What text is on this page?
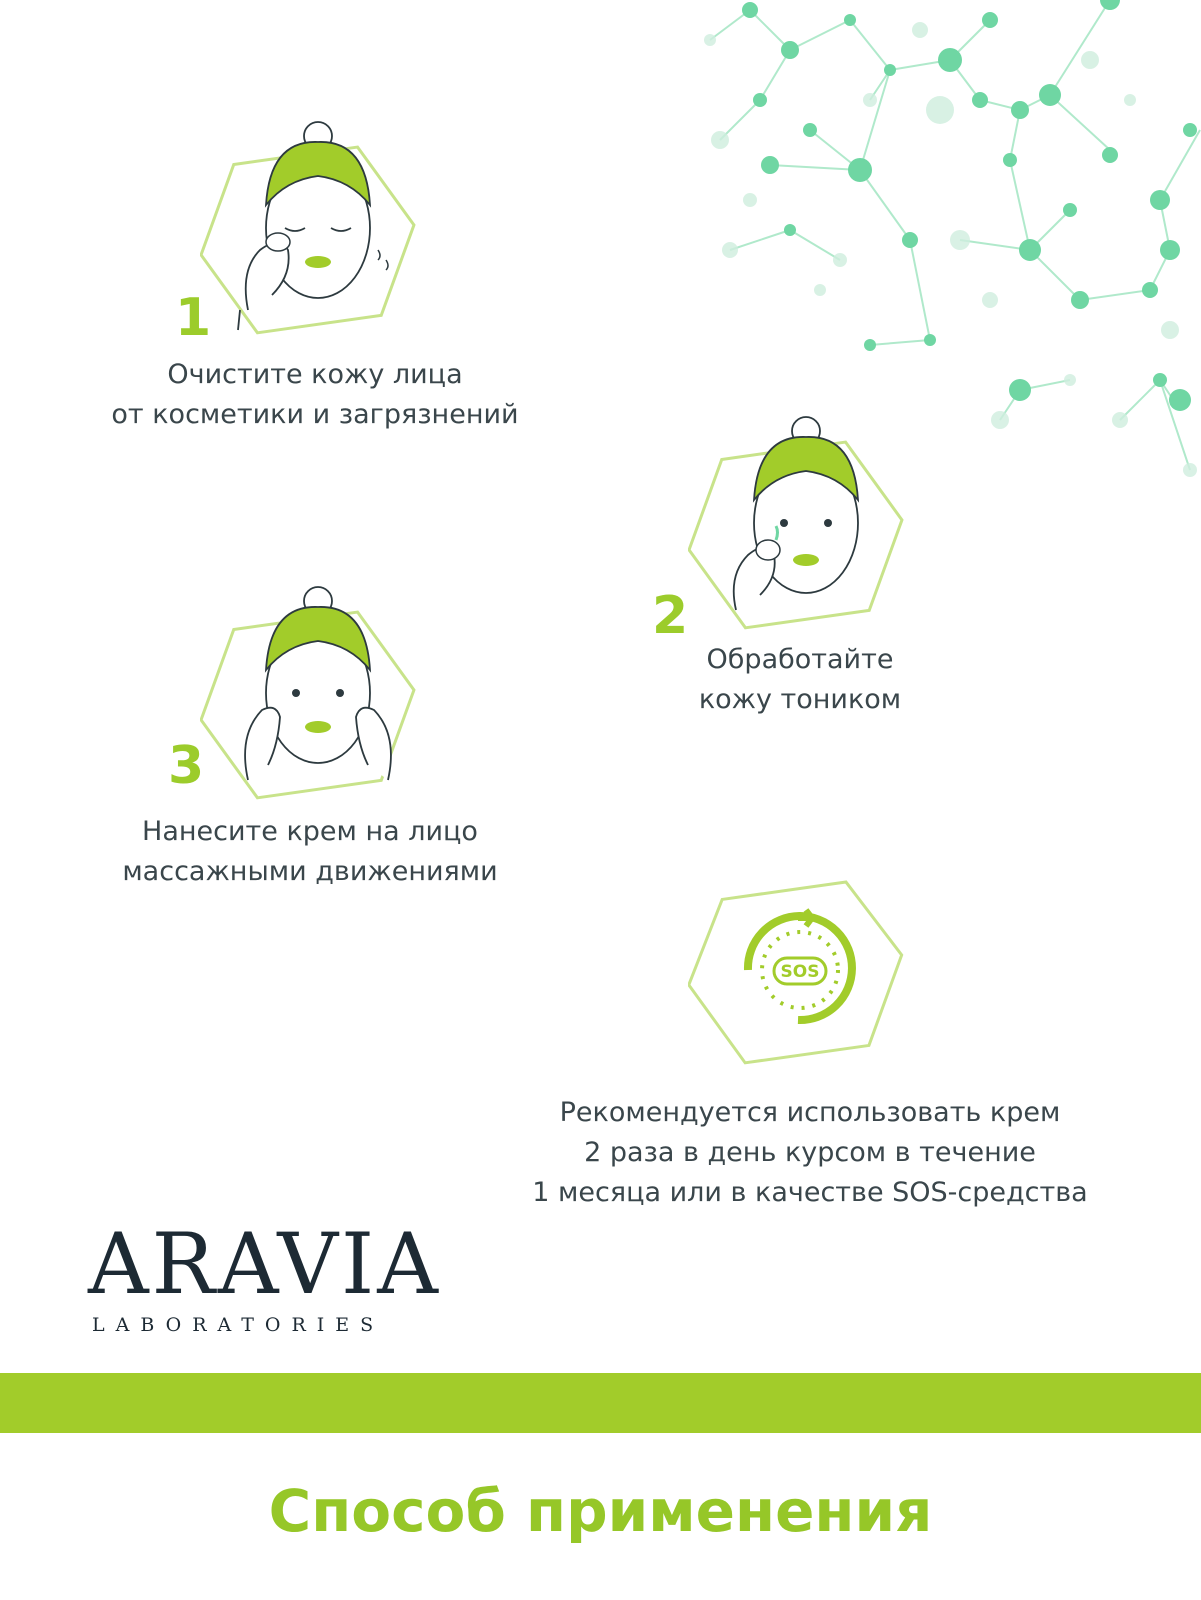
1

Очистите кожу лица
от косметики и загрязнений

2

Обработайте
кожу тоником

3

Нанесите крем на лицо
массажными движениями

SOS

Рекомендуется использовать крем
2 раза в день курсом в течение
1 месяца или в качестве SOS-средства

ARAVIA
LABORATORIES
Способ применения
